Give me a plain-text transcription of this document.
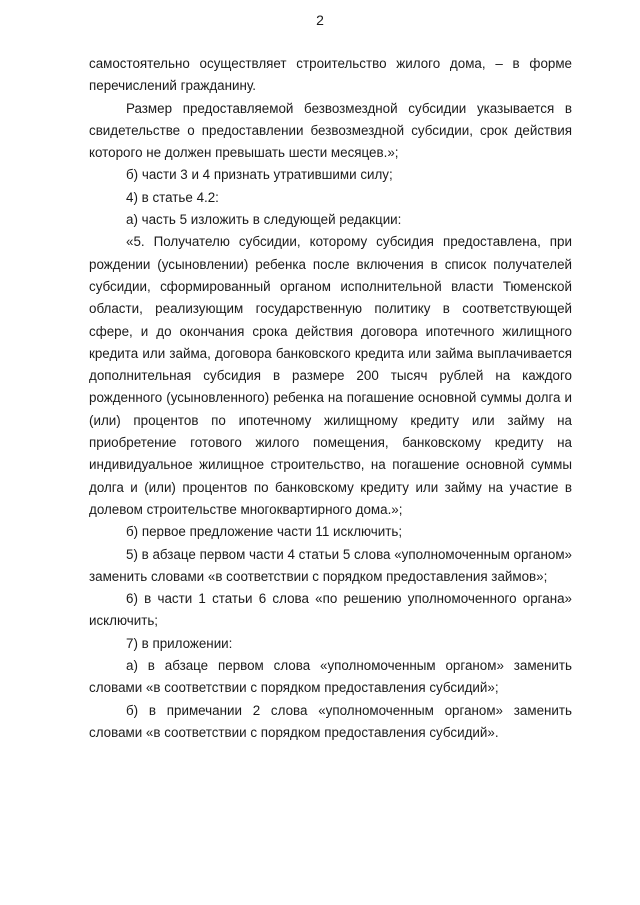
2

самостоятельно осуществляет строительство жилого дома, – в форме перечислений гражданину.

Размер предоставляемой безвозмездной субсидии указывается в свидетельстве о предоставлении безвозмездной субсидии, срок действия которого не должен превышать шести месяцев.»;

б) части 3 и 4 признать утратившими силу;

4) в статье 4.2:

а) часть 5 изложить в следующей редакции:

«5. Получателю субсидии, которому субсидия предоставлена, при рождении (усыновлении) ребенка после включения в список получателей субсидии, сформированный органом исполнительной власти Тюменской области, реализующим государственную политику в соответствующей сфере, и до окончания срока действия договора ипотечного жилищного кредита или займа, договора банковского кредита или займа выплачивается дополнительная субсидия в размере 200 тысяч рублей на каждого рожденного (усыновленного) ребенка на погашение основной суммы долга и (или) процентов по ипотечному жилищному кредиту или займу на приобретение готового жилого помещения, банковскому кредиту на индивидуальное жилищное строительство, на погашение основной суммы долга и (или) процентов по банковскому кредиту или займу на участие в долевом строительстве многоквартирного дома.»;

б) первое предложение части 11 исключить;

5) в абзаце первом части 4 статьи 5 слова «уполномоченным органом» заменить словами «в соответствии с порядком предоставления займов»;

6) в части 1 статьи 6 слова «по решению уполномоченного органа» исключить;

7) в приложении:

а) в абзаце первом слова «уполномоченным органом» заменить словами «в соответствии с порядком предоставления субсидий»;

б) в примечании 2 слова «уполномоченным органом» заменить словами «в соответствии с порядком предоставления субсидий».
